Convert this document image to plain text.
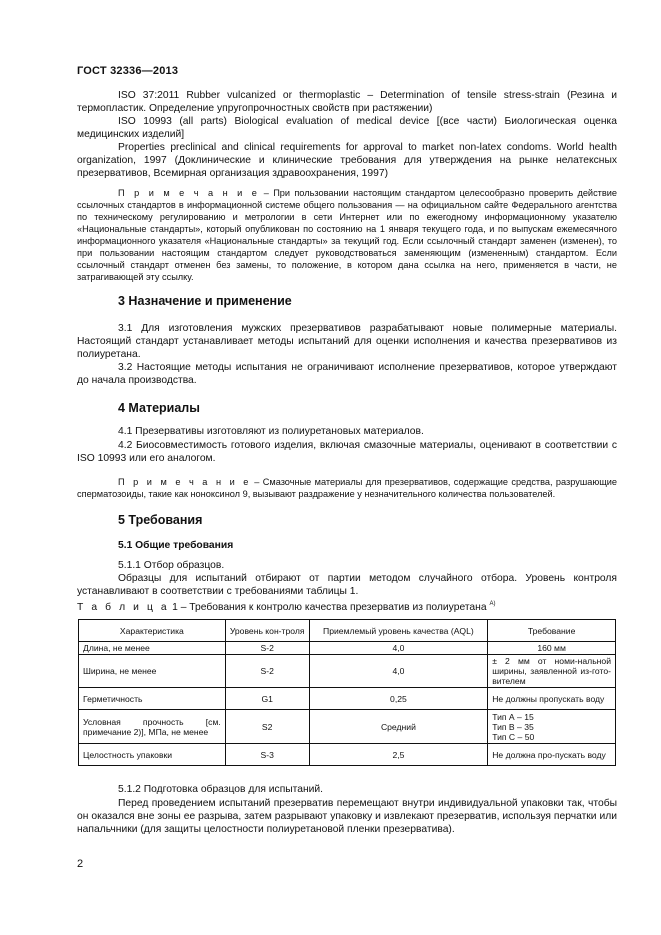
ГОСТ 32336—2013
ISO 37:2011 Rubber vulcanized or thermoplastic – Determination of tensile stress-strain (Резина и термопластик. Определение упругопрочностных свойств при растяжении)
ISO 10993 (all parts) Biological evaluation of medical device [(все части) Биологическая оценка медицинских изделий]
Properties preclinical and clinical requirements for approval to market non-latex condoms. World health organization, 1997 (Доклинические и клинические требования для утверждения на рынке нелатексных презервативов, Всемирная организация здравоохранения, 1997)
П р и м е ч а н и е – При пользовании настоящим стандартом целесообразно проверить действие ссылочных стандартов в информационной системе общего пользования — на официальном сайте Федерального агентства по техническому регулированию и метрологии в сети Интернет или по ежегодному информационному указателю «Национальные стандарты», который опубликован по состоянию на 1 января текущего года, и по выпускам ежемесячного информационного указателя «Национальные стандарты» за текущий год. Если ссылочный стандарт заменен (изменен), то при пользовании настоящим стандартом следует руководствоваться заменяющим (измененным) стандартом. Если ссылочный стандарт отменен без замены, то положение, в котором дана ссылка на него, применяется в части, не затрагивающей эту ссылку.
3 Назначение и применение
3.1 Для изготовления мужских презервативов разрабатывают новые полимерные материалы. Настоящий стандарт устанавливает методы испытаний для оценки исполнения и качества презервативов из полиуретана.
3.2 Настоящие методы испытания не ограничивают исполнение презервативов, которое утверждают до начала производства.
4 Материалы
4.1 Презервативы изготовляют из полиуретановых материалов.
4.2 Биосовместимость готового изделия, включая смазочные материалы, оценивают в соответствии с ISO 10993 или его аналогом.
П р и м е ч а н и е – Смазочные материалы для презервативов, содержащие средства, разрушающие сперматозоиды, такие как ноноксинол 9, вызывают раздражение у незначительного количества пользователей.
5 Требования
5.1 Общие требования
5.1.1 Отбор образцов.
Образцы для испытаний отбирают от партии методом случайного отбора. Уровень контроля устанавливают в соответствии с требованиями таблицы 1.
Т а б л и ц а 1 – Требования к контролю качества презерватив из полиуретана $^{А)}$
Характеристика	Уровень кон-троля	Приемлемый уровень качества (AQL)	Требование
Длина, не менее	S-2	4,0	160 мм
Ширина, не менее	S-2	4,0	± 2 мм от номи-нальной ширины, заявленной из-гото-вителем
Герметичность	G1	0,25	Не должны пропускать воду
Условная прочность [см. примечание 2)], МПа, не менее	S2	Средний	Тип А – 15
Тип В – 35
Тип С – 50
Целостность упаковки	S-3	2,5	Не должна про-пускать воду
5.1.2 Подготовка образцов для испытаний.
Перед проведением испытаний презерватив перемещают внутри индивидуальной упаковки так, чтобы он оказался вне зоны ее разрыва, затем разрывают упаковку и извлекают презерватив, используя перчатки или напальчники (для защиты целостности полиуретановой пленки презерватива).
2
